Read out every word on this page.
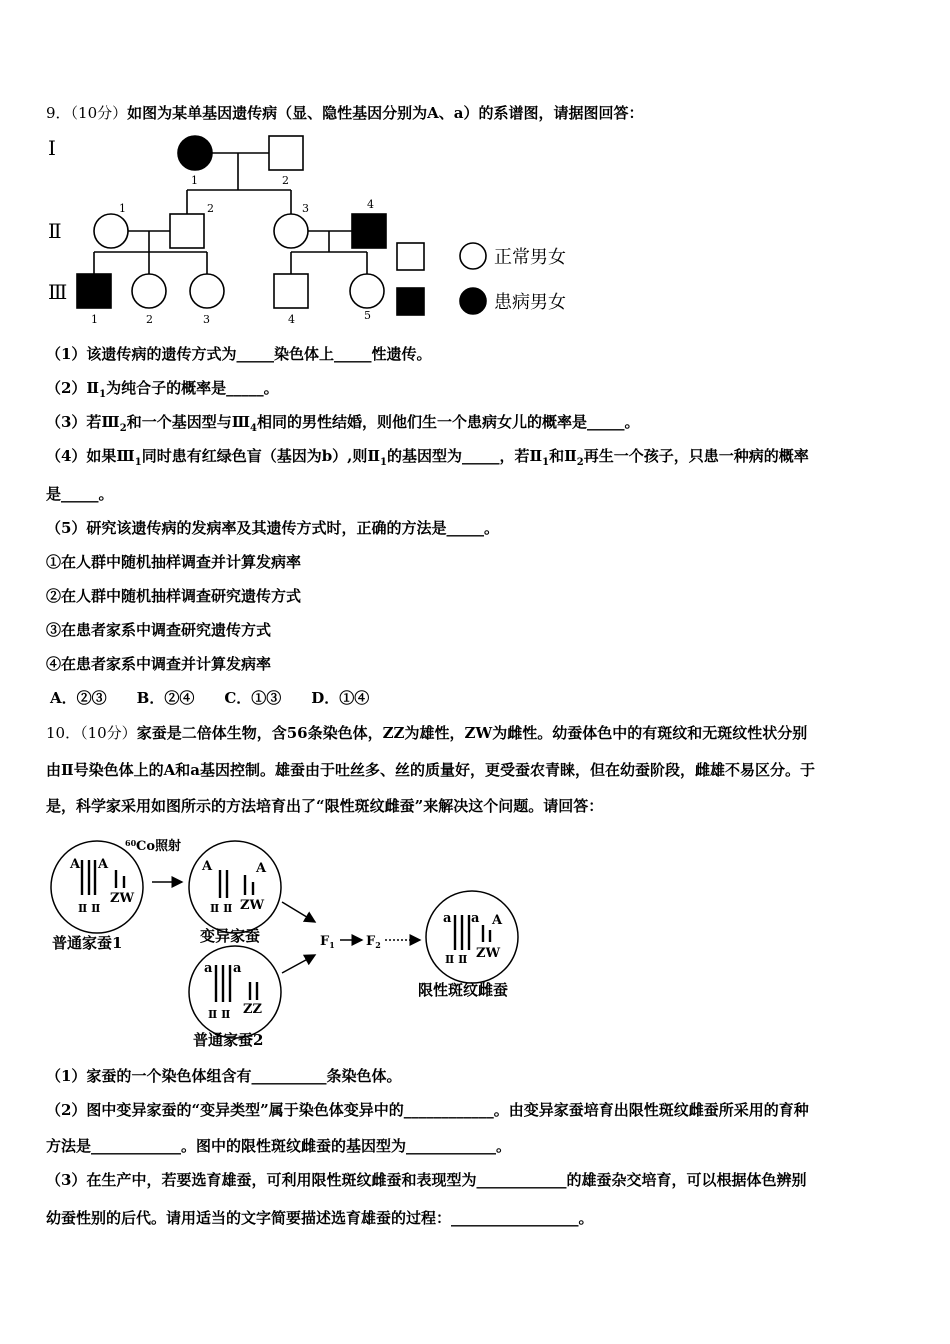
9．（10分）如图为某单基因遗传病（显、隐性基因分别为A、a）的系谱图，请据图回答：
Ⅰ
Ⅱ
Ⅲ
1	2
1	2	3	4
1	2	3	4	5
正常男女
患病男女
（1）该遗传病的遗传方式为_____染色体上_____性遗传。
$(2)Ⅱ_1$为纯合子的概率是_____。
（3）若$Ⅲ_2$和一个基因型与$Ⅲ_4$相同的男性结婚，则他们生一个患病女儿的概率是_____。
（4）如果$Ⅲ_1$同时患有红绿色盲（基因为b）,则$Ⅱ_1$的基因型为_____，若$Ⅱ_1$和$Ⅱ_2$再生一个孩子，只患一种病的概率
是_____。
（5）研究该遗传病的发病率及其遗传方式时，正确的方法是_____。
①在人群中随机抽样调查并计算发病率
②在人群中随机抽样调查研究遗传方式
③在患者家系中调查研究遗传方式
④在患者家系中调查并计算发病率
A．②③　　B．②④　　C．①③　　D．①④
10．（10分）家蚕是二倍体生物，含56条染色体，ZZ为雄性，ZW为雌性。幼蚕体色中的有斑纹和无斑纹性状分别
由Ⅱ号染色体上的A和a基因控制。雄蚕由于吐丝多、丝的质量好，更受蚕农青睐，但在幼蚕阶段，雌雄不易区分。于
是，科学家采用如图所示的方法培育出了“限性斑纹雌蚕”来解决这个问题。请回答：
60 Co照射
A A
ZW
Ⅱ Ⅱ
A	A
ZW
Ⅱ Ⅱ
a a
ZZ
Ⅱ Ⅱ
a a A
ZW
Ⅱ Ⅱ
普通家蚕1	变异家蚕
普通家蚕2
限性斑纹雌蚕
$F_1$ $F_2$
（1）家蚕的一个染色体组含有__________条染色体。
（2）图中变异家蚕的“变异类型”属于染色体变异中的____________。由变异家蚕培育出限性斑纹雌蚕所采用的育种
方法是____________。图中的限性斑纹雌蚕的基因型为____________。
（3）在生产中，若要选育雄蚕，可利用限性斑纹雌蚕和表现型为____________的雄蚕杂交培育，可以根据体色辨别
幼蚕性别的后代。请用适当的文字简要描述选育雄蚕的过程：_________________。
